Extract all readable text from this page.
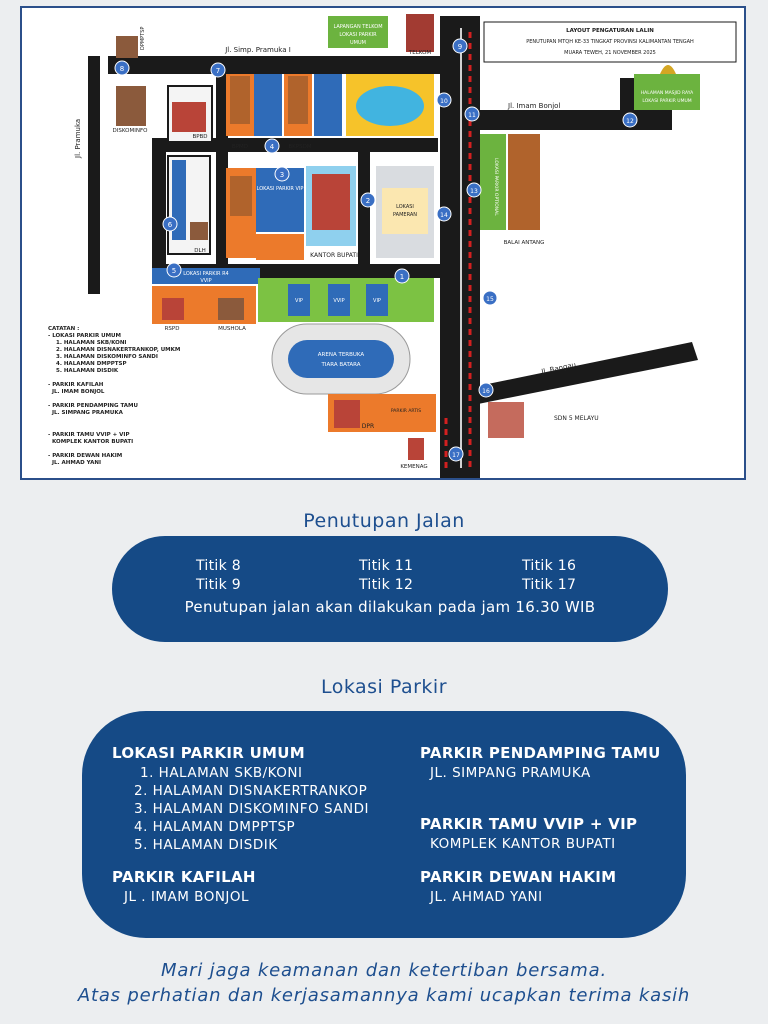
LAPANGAN TELKOM
LOKASI PARKIR
UMUM
TELKOM
DPMPTSP
DISKOMINFO
BPBD
BPMD	BKPSDM
DLH
LOKASI PARKIR VIP
KANTOR BUPATI
LOKASI
PAMERAN
LOKASI PARKIR R4
VVIP
RSPD	MUSHOLA
VIP	VVIP	VIP
ARENA TERBUKA
TIARA BATARA
DPR
PARKIR ARTIS
KEMENAG
LOKASI PARKIR OPTIONAL
BALAI ANTANG
HALAMAN MASJID RAYA
LOKASI PARKIR UMUM
SDN 5 MELAYU
Jl. Simp. Pramuka I
Jl. Pramuka
Jl. Imam Bonjol
Jl. Bangau
LAYOUT PENGATURAN LALIN
PENUTUPAN MTQH KE-33 TINGKAT PROVINSI KALIMANTAN TENGAH
MUARA TEWEH, 21 NOVEMBER 2025
CATATAN :
- LOKASI PARKIR UMUM
1. HALAMAN SKB/KONI
2. HALAMAN DISNAKERTRANKOP, UMKM
3. HALAMAN DISKOMINFO SANDI
4. HALAMAN DMPPTSP
5. HALAMAN DISDIK
- PARKIR KAFILAH
JL. IMAM BONJOL
- PARKIR PENDAMPING TAMU
JL. SIMPANG PRAMUKA
- PARKIR TAMU VVIP + VIP
KOMPLEK KANTOR BUPATI
- PARKIR DEWAN HAKIM
JL. AHMAD YANI
1
2
3
4
5
6
7
8
9
10
11
12
13
14
15
16
17
Penutupan Jalan
Titik 8	Titik 11	Titik 16
Titik 9	Titik 12	Titik 17
Penutupan jalan akan dilakukan pada jam 16.30 WIB
Lokasi Parkir
LOKASI PARKIR UMUM
1. HALAMAN SKB/KONI
2. HALAMAN DISNAKERTRANKOP
3. HALAMAN DISKOMINFO SANDI
4. HALAMAN DMPPTSP
5. HALAMAN DISDIK
PARKIR KAFILAH
JL . IMAM BONJOL
PARKIR PENDAMPING TAMU
JL. SIMPANG PRAMUKA
PARKIR TAMU VVIP + VIP
KOMPLEK KANTOR BUPATI
PARKIR DEWAN HAKIM
JL. AHMAD YANI
Mari jaga keamanan dan ketertiban bersama.
Atas perhatian dan kerjasamannya kami ucapkan terima kasih
